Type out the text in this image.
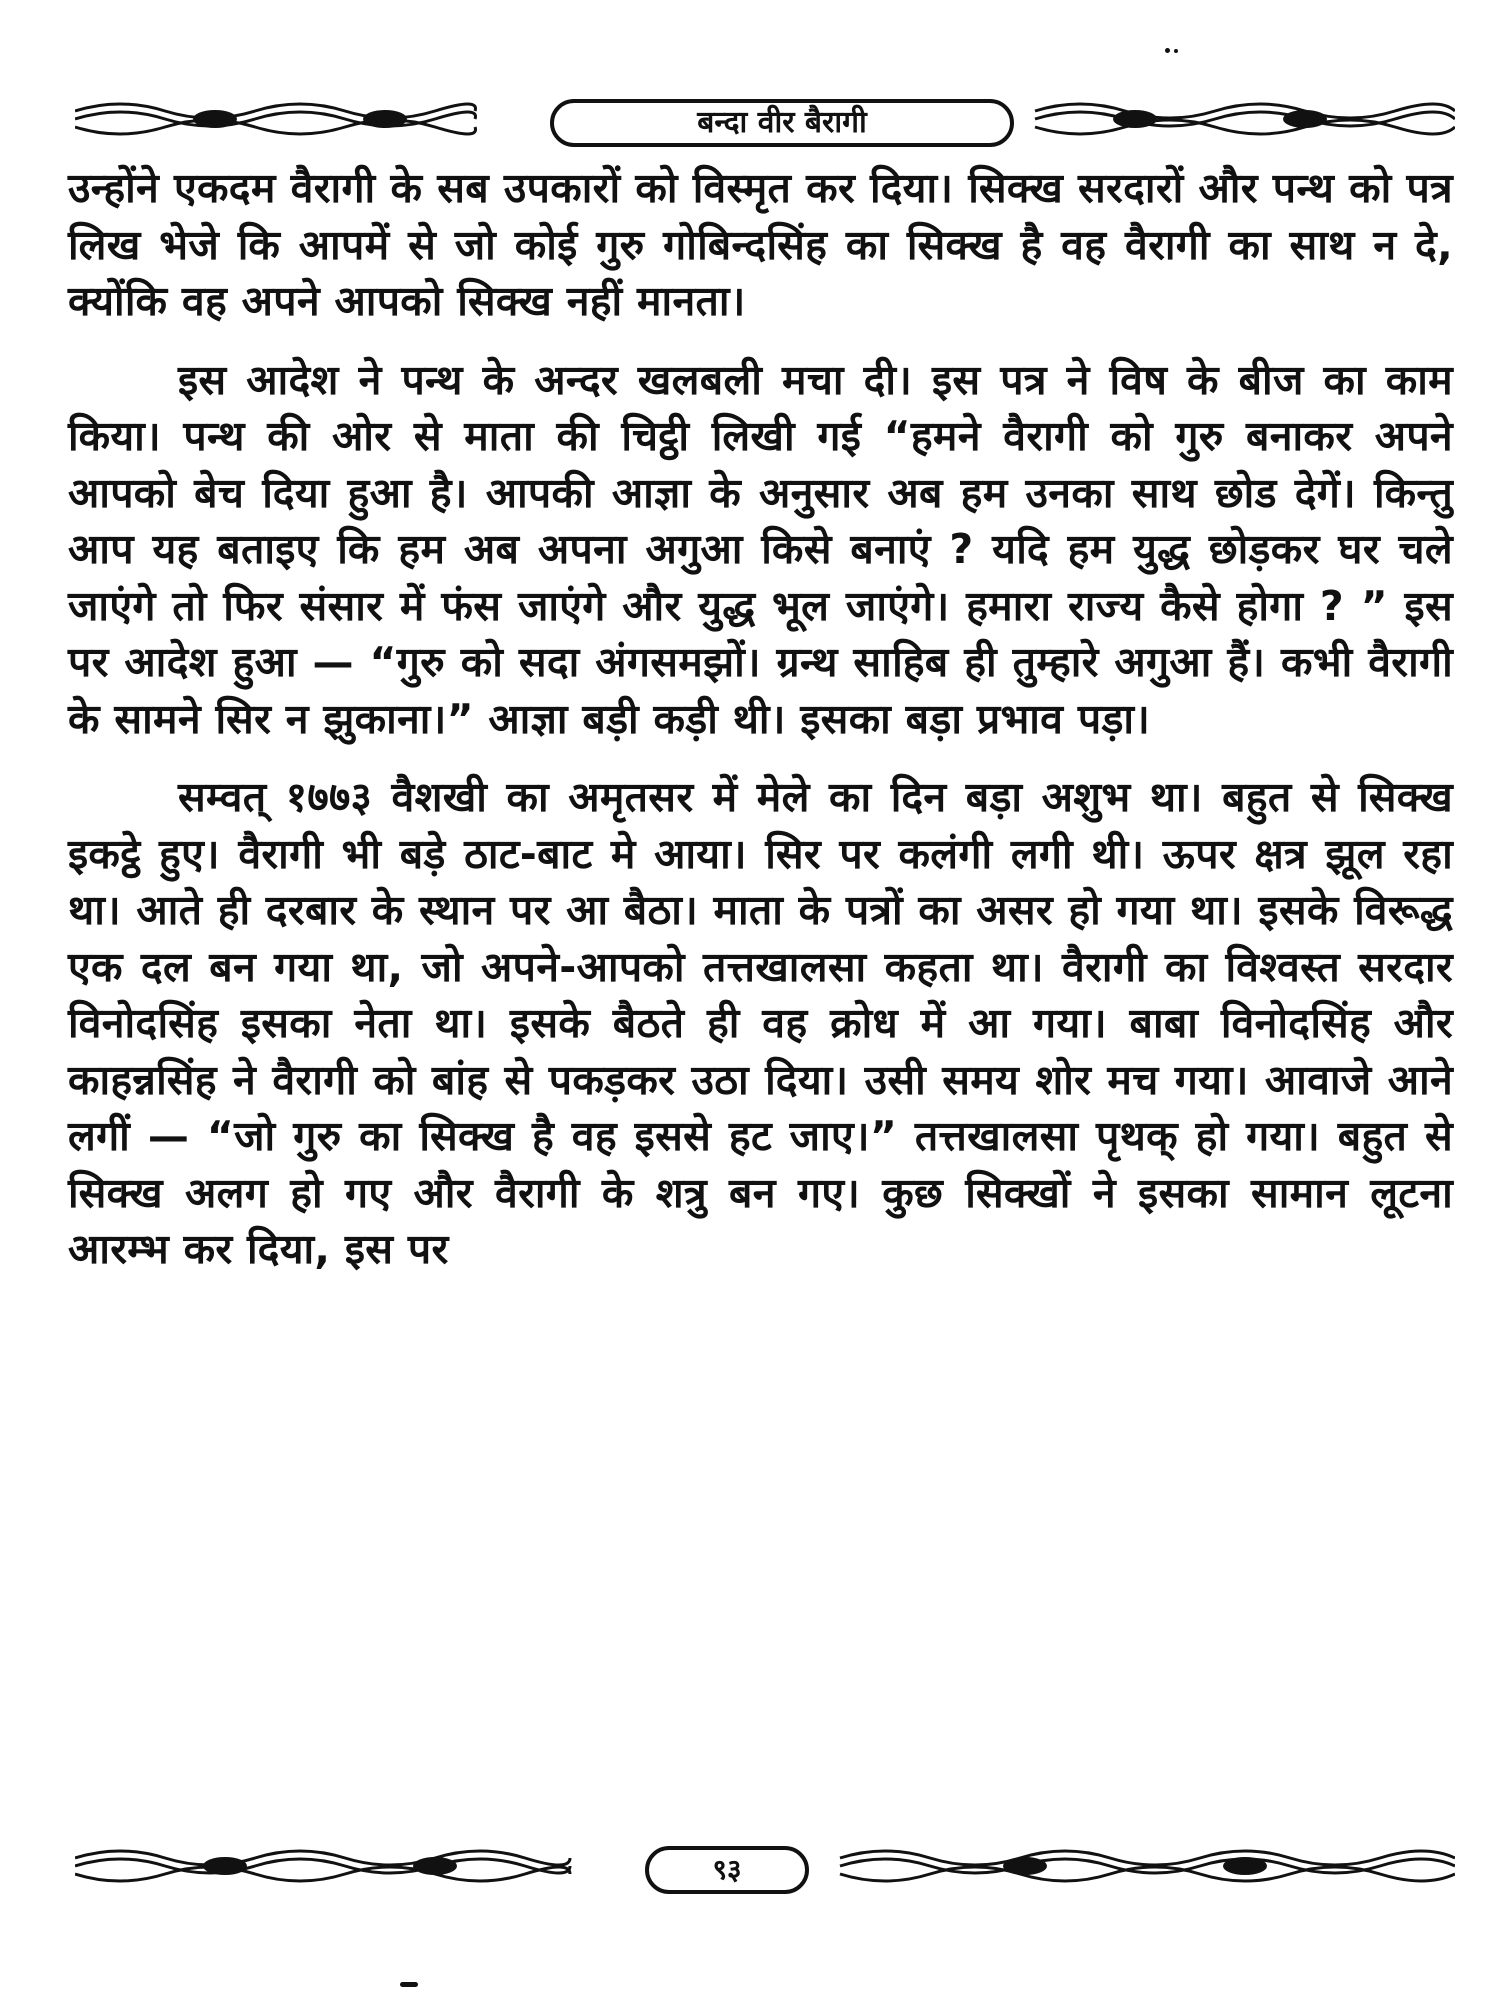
बन्दा वीर बैरागी

उन्होंने एकदम वैरागी के सब उपकारों को विस्मृत कर दिया। सिक्ख सरदारों और पन्थ को पत्र लिख भेजे कि आपमें से जो कोई गुरु गोबिन्दसिंह का सिक्ख है वह वैरागी का साथ न दे, क्योंकि वह अपने आपको सिक्ख नहीं मानता।

इस आदेश ने पन्थ के अन्दर खलबली मचा दी। इस पत्र ने विष के बीज का काम किया। पन्थ की ओर से माता की चिट्ठी लिखी गई “हमने वैरागी को गुरु बनाकर अपने आपको बेच दिया हुआ है। आपकी आज्ञा के अनुसार अब हम उनका साथ छोड देगें। किन्तु आप यह बताइए कि हम अब अपना अगुआ किसे बनाएं ? यदि हम युद्ध छोड़कर घर चले जाएंगे तो फिर संसार में फंस जाएंगे और युद्ध भूल जाएंगे। हमारा राज्य कैसे होगा ? ” इस पर आदेश हुआ — “गुरु को सदा अंगसमझों। ग्रन्थ साहिब ही तुम्हारे अगुआ हैं। कभी वैरागी के सामने सिर न झुकाना।” आज्ञा बड़ी कड़ी थी। इसका बड़ा प्रभाव पड़ा।

सम्वत् १७७३ वैशखी का अमृतसर में मेले का दिन बड़ा अशुभ था। बहुत से सिक्ख इकट्ठे हुए। वैरागी भी बड़े ठाट-बाट मे आया। सिर पर कलंगी लगी थी। ऊपर क्षत्र झूल रहा था। आते ही दरबार के स्थान पर आ बैठा। माता के पत्रों का असर हो गया था। इसके विरूद्ध एक दल बन गया था, जो अपने-आपको तत्तखालसा कहता था। वैरागी का विश्वस्त सरदार विनोदसिंह इसका नेता था। इसके बैठते ही वह क्रोध में आ गया। बाबा विनोदसिंह और काहन्नसिंह ने वैरागी को बांह से पकड़कर उठा दिया। उसी समय शोर मच गया। आवाजे आने लगीं — “जो गुरु का सिक्ख है वह इससे हट जाए।” तत्तखालसा पृथक् हो गया। बहुत से सिक्ख अलग हो गए और वैरागी के शत्रु बन गए। कुछ सिक्खों ने इसका सामान लूटना आरम्भ कर दिया, इस पर

९३
